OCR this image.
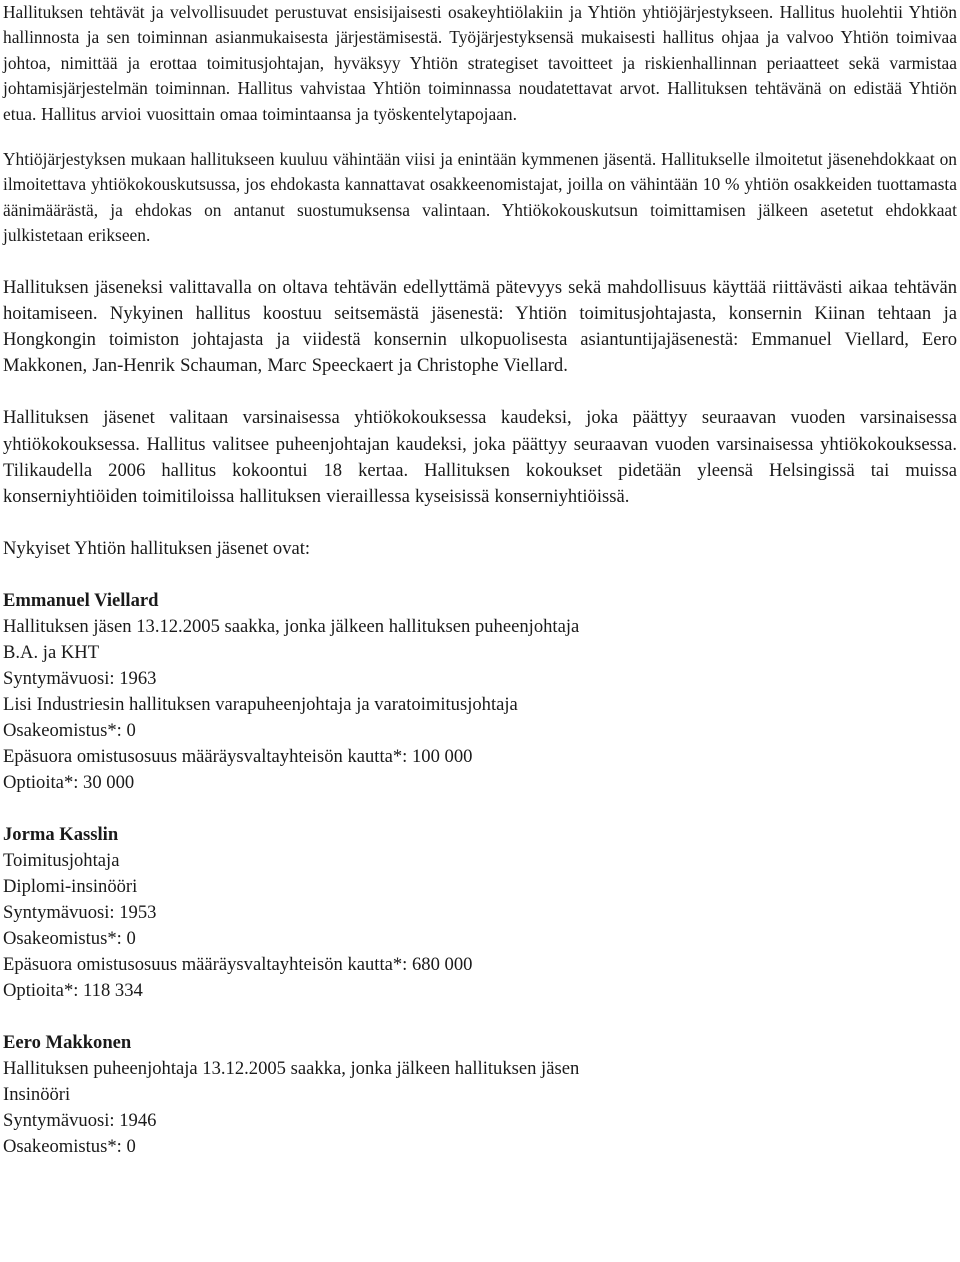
Hallituksen tehtävät ja velvollisuudet perustuvat ensisijaisesti osakeyhtiölakiin ja Yhtiön yhtiöjärjestykseen. Hallitus huolehtii Yhtiön hallinnosta ja sen toiminnan asianmukaisesta järjestämisestä. Työjärjestyksensä mukaisesti hallitus ohjaa ja valvoo Yhtiön toimivaa johtoa, nimittää ja erottaa toimitusjohtajan, hyväksyy Yhtiön strategiset tavoitteet ja riskienhallinnan periaatteet sekä varmistaa johtamisjärjestelmän toiminnan. Hallitus vahvistaa Yhtiön toiminnassa noudatettavat arvot. Hallituksen tehtävänä on edistää Yhtiön etua. Hallitus arvioi vuosittain omaa toimintaansa ja työskentelytapojaan.

Yhtiöjärjestyksen mukaan hallitukseen kuuluu vähintään viisi ja enintään kymmenen jäsentä. Hallitukselle ilmoitetut jäsenehdokkaat on ilmoitettava yhtiökokouskutsussa, jos ehdokasta kannattavat osakkeenomistajat, joilla on vähintään 10 % yhtiön osakkeiden tuottamasta äänimäärästä, ja ehdokas on antanut suostumuksensa valintaan. Yhtiökokouskutsun toimittamisen jälkeen asetetut ehdokkaat julkistetaan erikseen.

Hallituksen jäseneksi valittavalla on oltava tehtävän edellyttämä pätevyys sekä mahdollisuus käyttää riittävästi aikaa tehtävän hoitamiseen. Nykyinen hallitus koostuu seitsemästä jäsenestä: Yhtiön toimitusjohtajasta, konsernin Kiinan tehtaan ja Hongkongin toimiston johtajasta ja viidestä konsernin ulkopuolisesta asiantuntijajäsenestä: Emmanuel Viellard, Eero Makkonen, Jan-Henrik Schauman, Marc Speeckaert ja Christophe Viellard.

Hallituksen jäsenet valitaan varsinaisessa yhtiökokouksessa kaudeksi, joka päättyy seuraavan vuoden varsinaisessa yhtiökokouksessa. Hallitus valitsee puheenjohtajan kaudeksi, joka päättyy seuraavan vuoden varsinaisessa yhtiökokouksessa. Tilikaudella 2006 hallitus kokoontui 18 kertaa. Hallituksen kokoukset pidetään yleensä Helsingissä tai muissa konserniyhtiöiden toimitiloissa hallituksen vieraillessa kyseisissä konserniyhtiöissä.

Nykyiset Yhtiön hallituksen jäsenet ovat:

Emmanuel Viellard

Hallituksen jäsen 13.12.2005 saakka, jonka jälkeen hallituksen puheenjohtaja

B.A. ja KHT

Syntymävuosi: 1963

Lisi Industriesin hallituksen varapuheenjohtaja ja varatoimitusjohtaja

Osakeomistus*: 0

Epäsuora omistusosuus määräysvaltayhteisön kautta*: 100 000

Optioita*: 30 000

Jorma Kasslin

Toimitusjohtaja

Diplomi-insinööri

Syntymävuosi: 1953

Osakeomistus*: 0

Epäsuora omistusosuus määräysvaltayhteisön kautta*: 680 000

Optioita*: 118 334

Eero Makkonen

Hallituksen puheenjohtaja 13.12.2005 saakka, jonka jälkeen hallituksen jäsen

Insinööri

Syntymävuosi: 1946

Osakeomistus*: 0
